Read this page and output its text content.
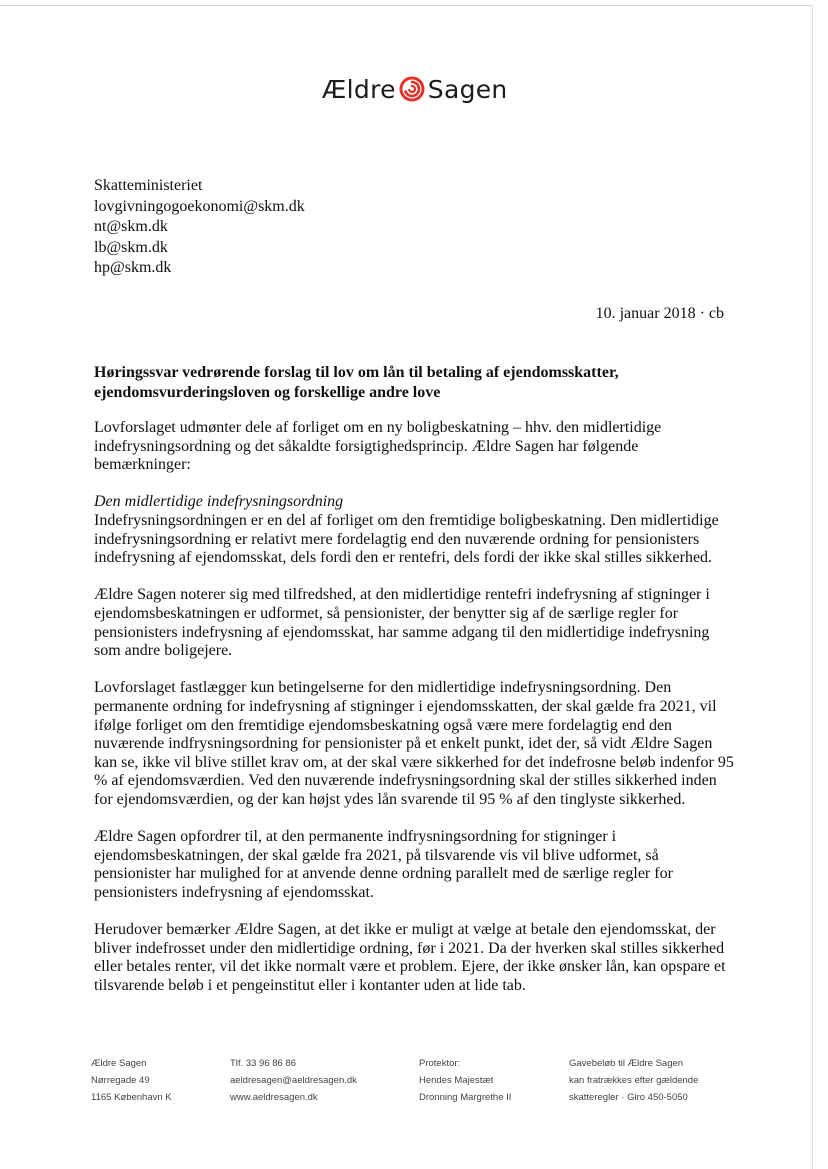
Ældre Sagen
Skatteministeriet
lovgivningogoekonomi@skm.dk
nt@skm.dk
lb@skm.dk
hp@skm.dk
10. januar 2018 · cb
Høringssvar vedrørende forslag til lov om lån til betaling af ejendomsskatter, ejendomsvurderingsloven og forskellige andre love

Lovforslaget udmønter dele af forliget om en ny boligbeskatning – hhv. den midlertidige indefrysningsordning og det såkaldte forsigtighedsprincip. Ældre Sagen har følgende bemærkninger:

Den midlertidige indefrysningsordning
Indefrysningsordningen er en del af forliget om den fremtidige boligbeskatning. Den midlertidige indefrysningsordning er relativt mere fordelagtig end den nuværende ordning for pensionisters indefrysning af ejendomsskat, dels fordi den er rentefri, dels fordi der ikke skal stilles sikkerhed.

Ældre Sagen noterer sig med tilfredshed, at den midlertidige rentefri indefrysning af stigninger i ejendomsbeskatningen er udformet, så pensionister, der benytter sig af de særlige regler for pensionisters indefrysning af ejendomsskat, har samme adgang til den midlertidige indefrysning som andre boligejere.

Lovforslaget fastlægger kun betingelserne for den midlertidige indefrysningsordning. Den permanente ordning for indefrysning af stigninger i ejendomsskatten, der skal gælde fra 2021, vil ifølge forliget om den fremtidige ejendomsbeskatning også være mere fordelagtig end den nuværende indfrysningsordning for pensionister på et enkelt punkt, idet der, så vidt Ældre Sagen kan se, ikke vil blive stillet krav om, at der skal være sikkerhed for det indefrosne beløb indenfor 95 % af ejendomsværdien. Ved den nuværende indefrysningsordning skal der stilles sikkerhed inden for ejendomsværdien, og der kan højst ydes lån svarende til 95 % af den tinglyste sikkerhed.

Ældre Sagen opfordrer til, at den permanente indfrysningsordning for stigninger i ejendomsbeskatningen, der skal gælde fra 2021, på tilsvarende vis vil blive udformet, så pensionister har mulighed for at anvende denne ordning parallelt med de særlige regler for pensionisters indefrysning af ejendomsskat.

Herudover bemærker Ældre Sagen, at det ikke er muligt at vælge at betale den ejendomsskat, der bliver indefrosset under den midlertidige ordning, før i 2021. Da der hverken skal stilles sikkerhed eller betales renter, vil det ikke normalt være et problem. Ejere, der ikke ønsker lån, kan opspare et tilsvarende beløb i et pengeinstitut eller i kontanter uden at lide tab.

Ældre Sagen
Nørregade 49
1165 København K
Tlf. 33 96 86 86
aeldresagen@aeldresagen.dk
www.aeldresagen.dk
Protektor:
Hendes Majestæt
Dronning Margrethe II
Gavebeløb til Ældre Sagen
kan fratrækkes efter gældende
skatteregler · Giro 450-5050
